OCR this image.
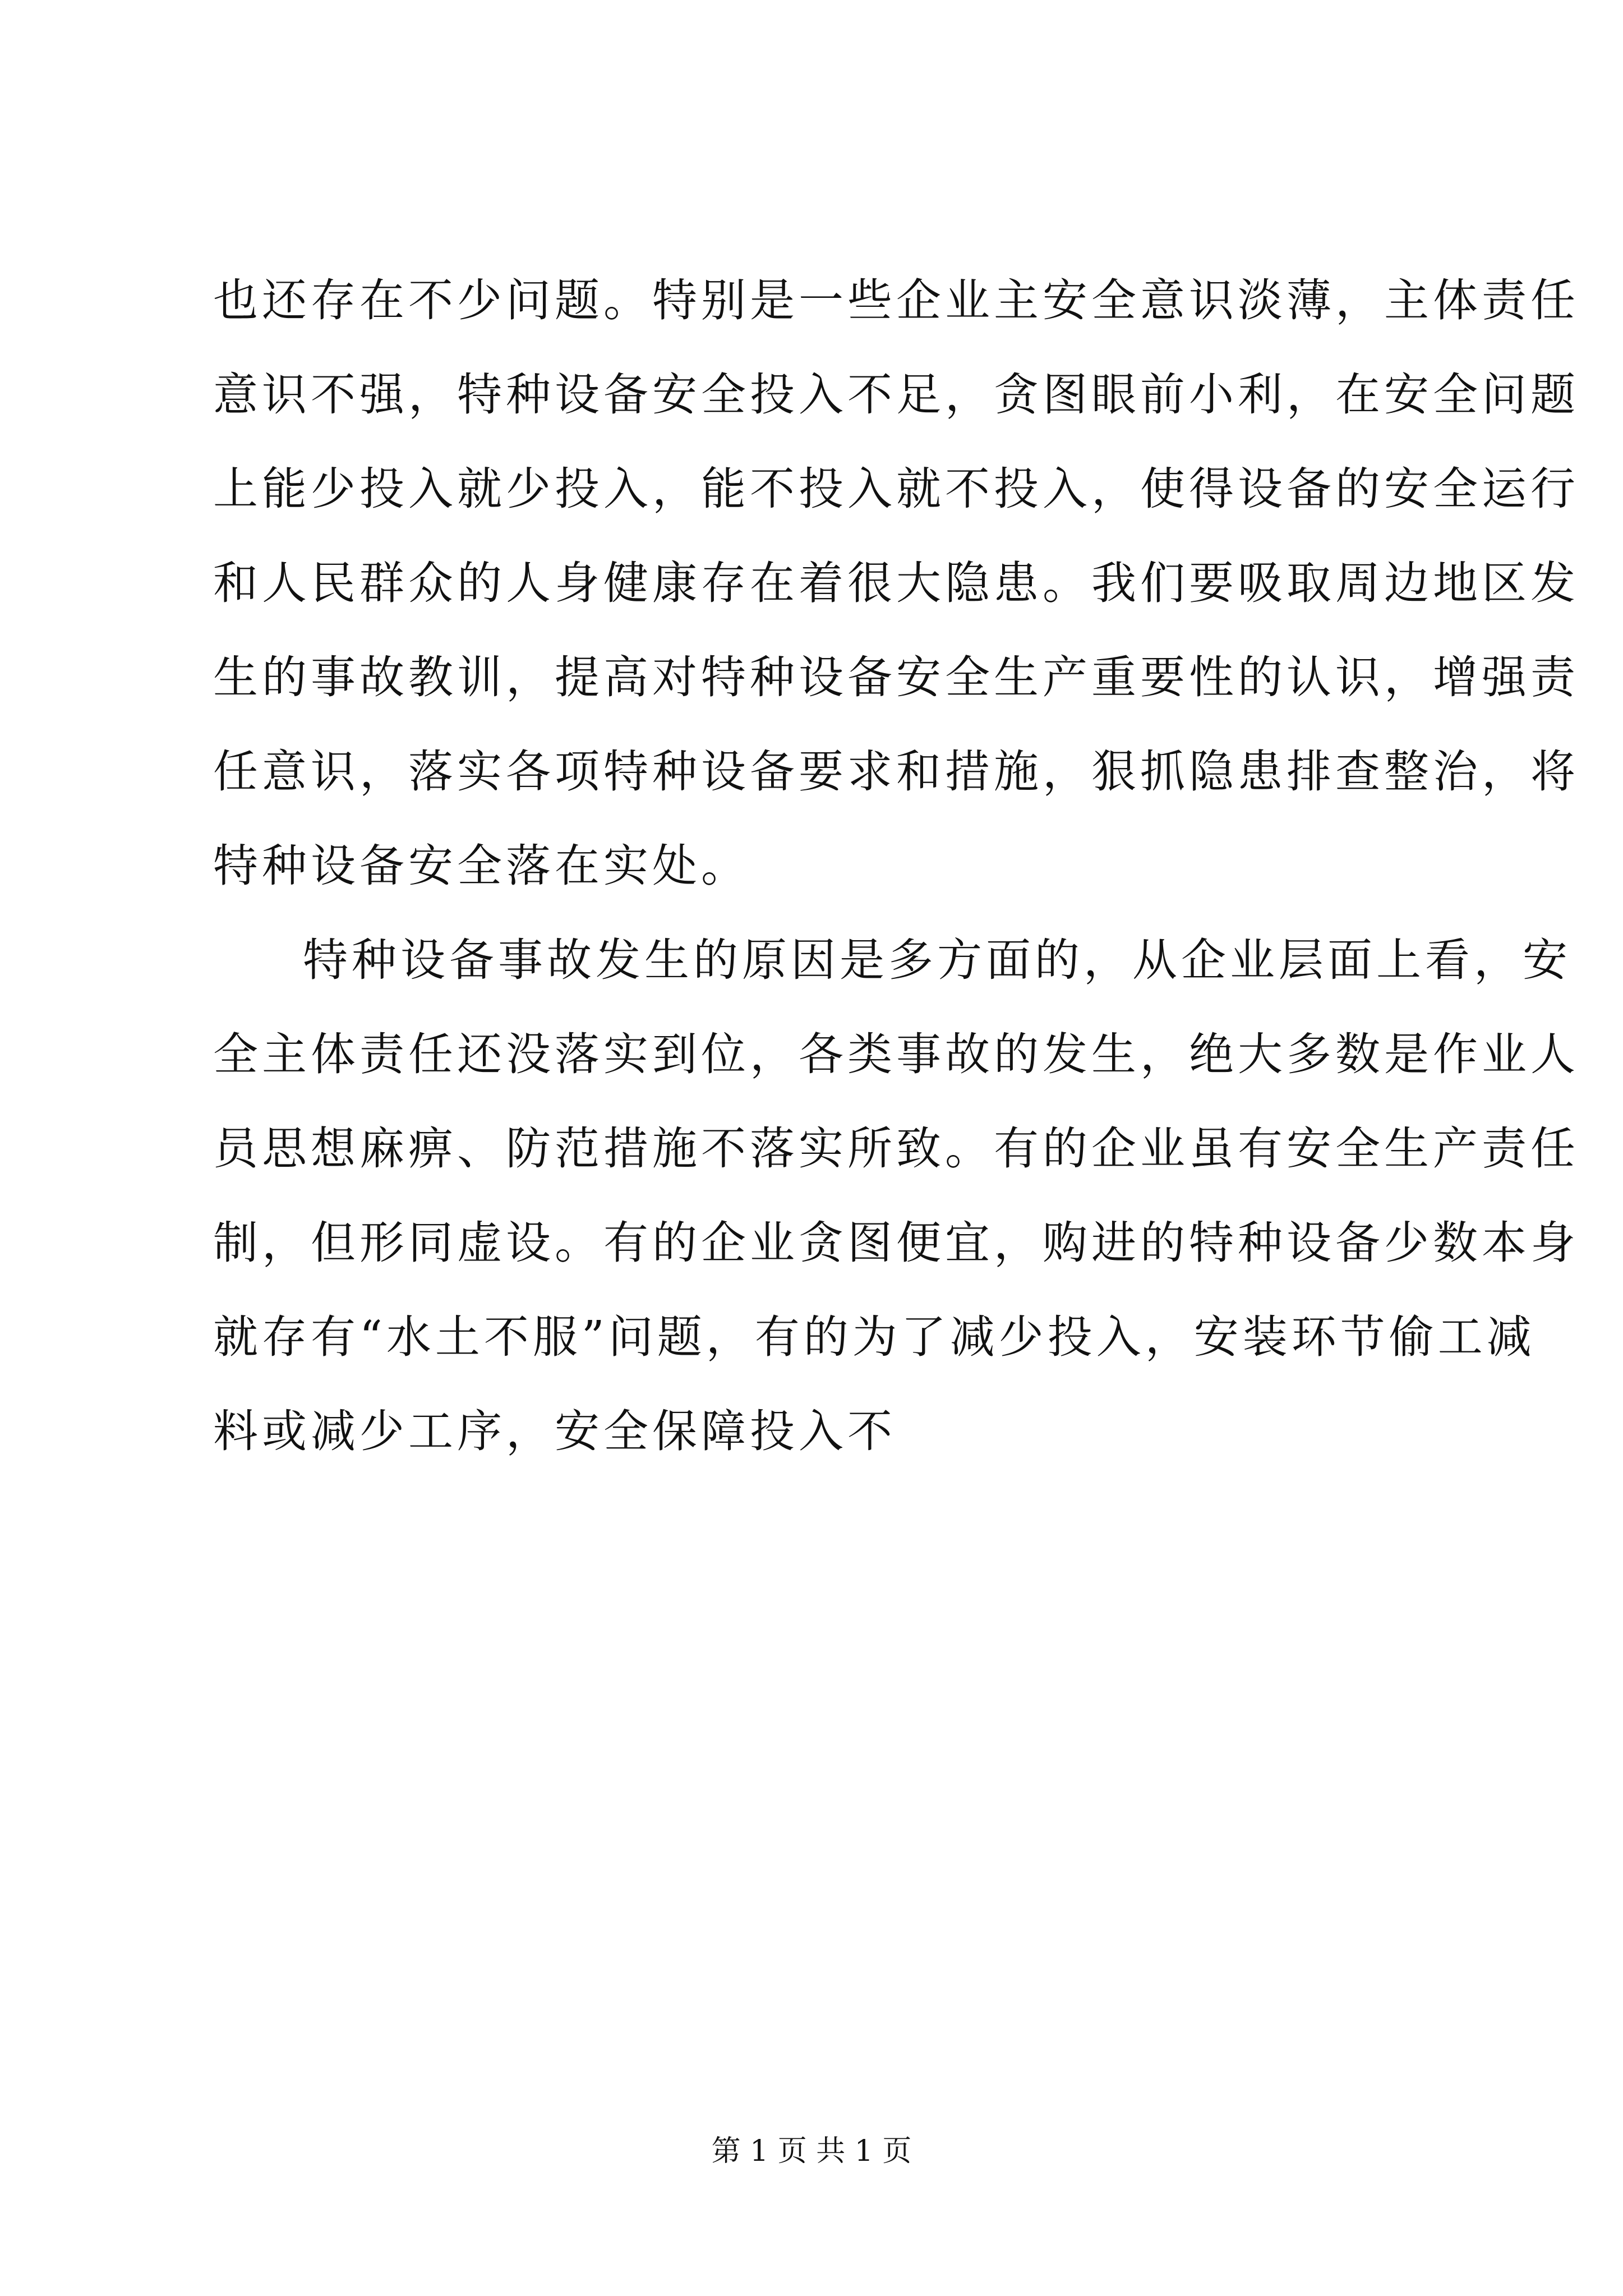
也还存在不少问题。特别是一些企业主安全意识淡薄，主体责任
意识不强，特种设备安全投入不足，贪图眼前小利，在安全问题
上能少投入就少投入，能不投入就不投入，使得设备的安全运行
和人民群众的人身健康存在着很大隐患。我们要吸取周边地区发
生的事故教训，提高对特种设备安全生产重要性的认识，增强责
任意识，落实各项特种设备要求和措施，狠抓隐患排查整治，将
特种设备安全落在实处。
特种设备事故发生的原因是多方面的，从企业层面上看，安
全主体责任还没落实到位，各类事故的发生，绝大多数是作业人
员思想麻痹、防范措施不落实所致。有的企业虽有安全生产责任
制，但形同虚设。有的企业贪图便宜，购进的特种设备少数本身
就存有“水土不服”问题，有的为了减少投入，安装环节偷工减
料或减少工序，安全保障投入不
第 1 页 共 1 页
